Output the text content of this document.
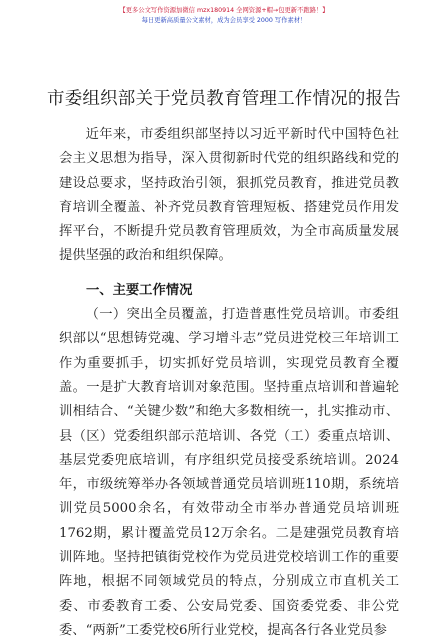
【更多公文写作资源加微信 mzx180914 全网资源+帽→包更新不跑路！】
每日更新高质量公文素材，成为会员享受 2000 写作素材！
市委组织部关于党员教育管理工作情况的报告

近年来，市委组织部坚持以习近平新时代中国特色社会主义思想为指导，深入贯彻新时代党的组织路线和党的建设总要求，坚持政治引领，狠抓党员教育，推进党员教育培训全覆盖、补齐党员教育管理短板、搭建党员作用发挥平台，不断提升党员教育管理质效，为全市高质量发展提供坚强的政治和组织保障。

一、主要工作情况

（一）突出全员覆盖，打造普惠性党员培训。市委组织部以“思想铸党魂、学习增斗志”党员进党校三年培训工作为重要抓手，切实抓好党员培训，实现党员教育全覆盖。一是扩大教育培训对象范围。坚持重点培训和普遍轮训相结合、“关键少数”和绝大多数相统一，扎实推动市、县（区）党委组织部示范培训、各党（工）委重点培训、基层党委兜底培训，有序组织党员接受系统培训。2024年，市级统筹举办各领域普通党员培训班110期，系统培训党员5000余名，有效带动全市举办普通党员培训班1762期，累计覆盖党员12万余名。二是建强党员教育培训阵地。坚持把镇街党校作为党员进党校培训工作的重要阵地，根据不同领域党员的特点，分别成立市直机关工委、市委教育工委、公安局党委、国资委党委、非公党委、“两新”工委党校6所行业党校，提高各行各业党员参
